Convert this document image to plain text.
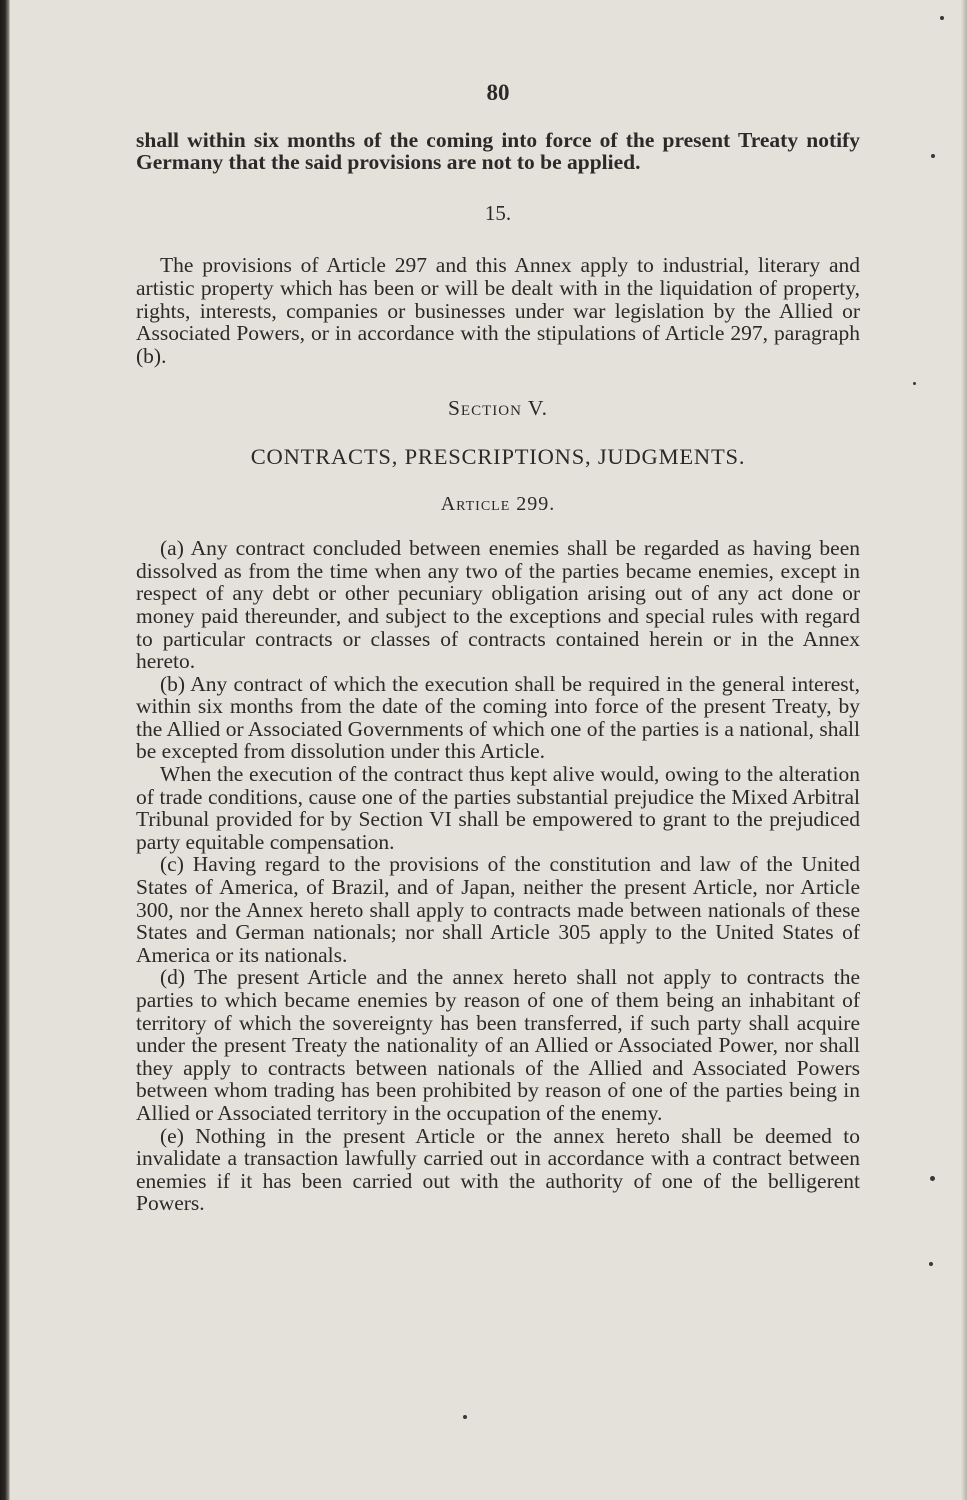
80

shall within six months of the coming into force of the present Treaty notify Germany that the said provisions are not to be applied.

15.

The provisions of Article 297 and this Annex apply to industrial, literary and artistic property which has been or will be dealt with in the liquidation of property, rights, interests, companies or businesses under war legislation by the Allied or Associated Powers, or in accordance with the stipulations of Article 297, paragraph (b).

Section V.
CONTRACTS, PRESCRIPTIONS, JUDGMENTS.
Article 299.

(a) Any contract concluded between enemies shall be regarded as having been dissolved as from the time when any two of the parties became enemies, except in respect of any debt or other pecuniary obligation arising out of any act done or money paid thereunder, and subject to the exceptions and special rules with regard to particular contracts or classes of contracts contained herein or in the Annex hereto.

(b) Any contract of which the execution shall be required in the general interest, within six months from the date of the coming into force of the present Treaty, by the Allied or Associated Governments of which one of the parties is a national, shall be excepted from dissolution under this Article.

When the execution of the contract thus kept alive would, owing to the alteration of trade conditions, cause one of the parties substantial prejudice the Mixed Arbitral Tribunal provided for by Section VI shall be empowered to grant to the prejudiced party equitable compensation.

(c) Having regard to the provisions of the constitution and law of the United States of America, of Brazil, and of Japan, neither the present Article, nor Article 300, nor the Annex hereto shall apply to contracts made between nationals of these States and German nationals; nor shall Article 305 apply to the United States of America or its nationals.

(d) The present Article and the annex hereto shall not apply to contracts the parties to which became enemies by reason of one of them being an inhabitant of territory of which the sovereignty has been transferred, if such party shall acquire under the present Treaty the nationality of an Allied or Associated Power, nor shall they apply to contracts between nationals of the Allied and Associated Powers between whom trading has been prohibited by reason of one of the parties being in Allied or Associated territory in the occupation of the enemy.

(e) Nothing in the present Article or the annex hereto shall be deemed to invalidate a transaction lawfully carried out in accordance with a contract between enemies if it has been carried out with the authority of one of the belligerent Powers.
